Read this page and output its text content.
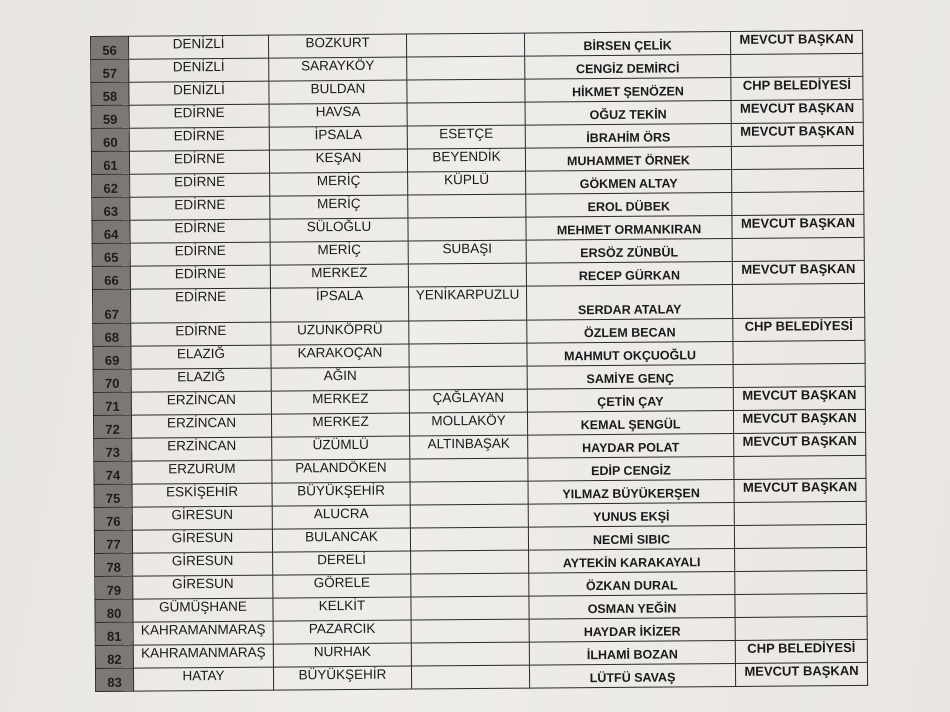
56	DENİZLİ	BOZKURT		BİRSEN ÇELİK	MEVCUT BAŞKAN
57	DENİZLİ	SARAYKÖY		CENGİZ DEMİRCİ	
58	DENİZLİ	BULDAN		HİKMET ŞENÖZEN	CHP BELEDİYESİ
59	EDİRNE	HAVSA		OĞUZ TEKİN	MEVCUT BAŞKAN
60	EDİRNE	İPSALA	ESETÇE	İBRAHİM ÖRS	MEVCUT BAŞKAN
61	EDİRNE	KEŞAN	BEYENDİK	MUHAMMET ÖRNEK	
62	EDİRNE	MERİÇ	KÜPLÜ	GÖKMEN ALTAY	
63	EDİRNE	MERİÇ		EROL DÜBEK	
64	EDİRNE	SÜLOĞLU		MEHMET ORMANKIRAN	MEVCUT BAŞKAN
65	EDİRNE	MERİÇ	SUBAŞI	ERSÖZ ZÜNBÜL	
66	EDİRNE	MERKEZ		RECEP GÜRKAN	MEVCUT BAŞKAN
67	EDİRNE	İPSALA	YENİKARPUZLU	SERDAR ATALAY	
68	EDİRNE	UZUNKÖPRÜ		ÖZLEM BECAN	CHP BELEDİYESİ
69	ELAZIĞ	KARAKOÇAN		MAHMUT OKÇUOĞLU	
70	ELAZIĞ	AĞIN		SAMİYE GENÇ	
71	ERZİNCAN	MERKEZ	ÇAĞLAYAN	ÇETİN ÇAY	MEVCUT BAŞKAN
72	ERZİNCAN	MERKEZ	MOLLAKÖY	KEMAL ŞENGÜL	MEVCUT BAŞKAN
73	ERZİNCAN	ÜZÜMLÜ	ALTINBAŞAK	HAYDAR POLAT	MEVCUT BAŞKAN
74	ERZURUM	PALANDÖKEN		EDİP CENGİZ	
75	ESKİŞEHİR	BÜYÜKŞEHİR		YILMAZ BÜYÜKERŞEN	MEVCUT BAŞKAN
76	GİRESUN	ALUCRA		YUNUS EKŞİ	
77	GİRESUN	BULANCAK		NECMİ SIBIC	
78	GİRESUN	DERELİ		AYTEKİN KARAKAYALI	
79	GİRESUN	GÖRELE		ÖZKAN DURAL	
80	GÜMÜŞHANE	KELKİT		OSMAN YEĞİN	
81	KAHRAMANMARAŞ	PAZARCIK		HAYDAR İKİZER	
82	KAHRAMANMARAŞ	NURHAK		İLHAMİ BOZAN	CHP BELEDİYESİ
83	HATAY	BÜYÜKŞEHİR		LÜTFÜ SAVAŞ	MEVCUT BAŞKAN
